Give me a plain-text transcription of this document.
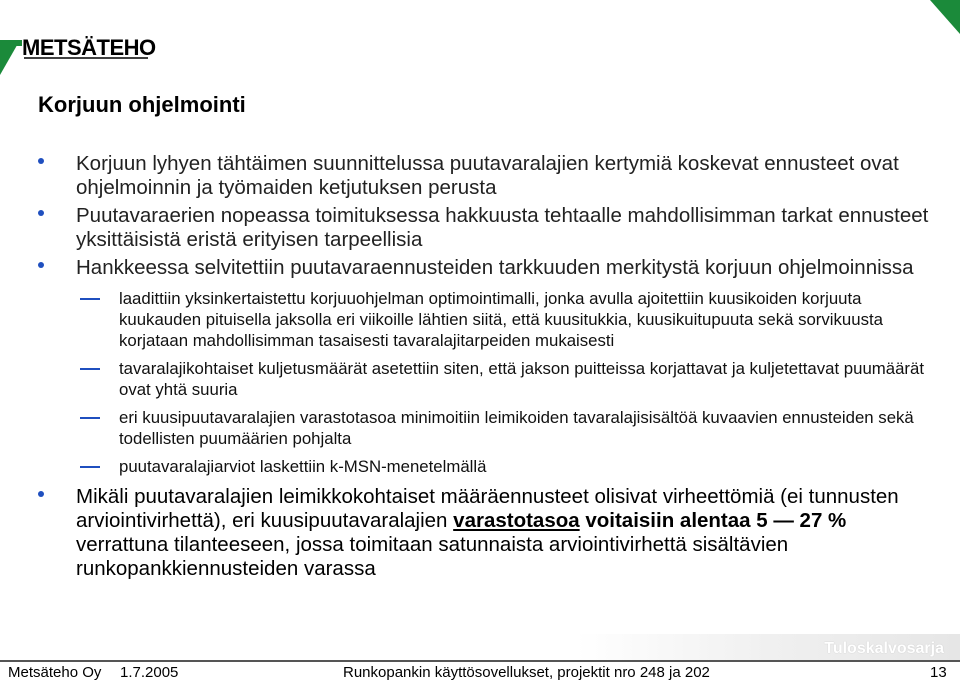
METSÄTEHO
Korjuun ohjelmointi
Korjuun lyhyen tähtäimen suunnittelussa puutavaralajien kertymiä koskevat ennusteet ovat ohjelmoinnin ja työmaiden ketjutuksen perusta
Puutavaraerien nopeassa toimituksessa hakkuusta tehtaalle mahdollisimman tarkat ennusteet yksittäisistä eristä erityisen tarpeellisia
Hankkeessa selvitettiin puutavaraennusteiden tarkkuuden merkitystä korjuun ohjelmoinnissa
laadittiin yksinkertaistettu korjuuohjelman optimointimalli, jonka avulla ajoitettiin kuusikoiden korjuuta kuukauden pituisella jaksolla eri viikoille lähtien siitä, että kuusitukkia, kuusikuitupuuta sekä sorvikuusta korjataan mahdollisimman tasaisesti tavaralajitarpeiden mukaisesti
tavaralajikohtaiset kuljetusmäärät asetettiin siten, että jakson puitteissa korjattavat ja kuljetettavat puumäärät ovat yhtä suuria
eri kuusipuutavaralajien varastotasoa minimoitiin leimikoiden tavaralajisisältöä kuvaavien ennusteiden sekä todellisten puumäärien pohjalta
puutavaralajiarviot laskettiin k-MSN-menetelmällä
Mikäli puutavaralajien leimikkokohtaiset määräennusteet olisivat virheettömiä (ei tunnusten arviointivirhettä), eri kuusipuutavaralajien varastotasoa voitaisiin alentaa 5 — 27 % verrattuna tilanteeseen, jossa toimitaan satunnaista arviointivirhettä sisältävien runkopankkiennusteiden varassa
Tuloskalvosarja
Metsäteho Oy 1.7.2005	Runkopankin käyttösovellukset, projektit nro 248 ja 202	13
